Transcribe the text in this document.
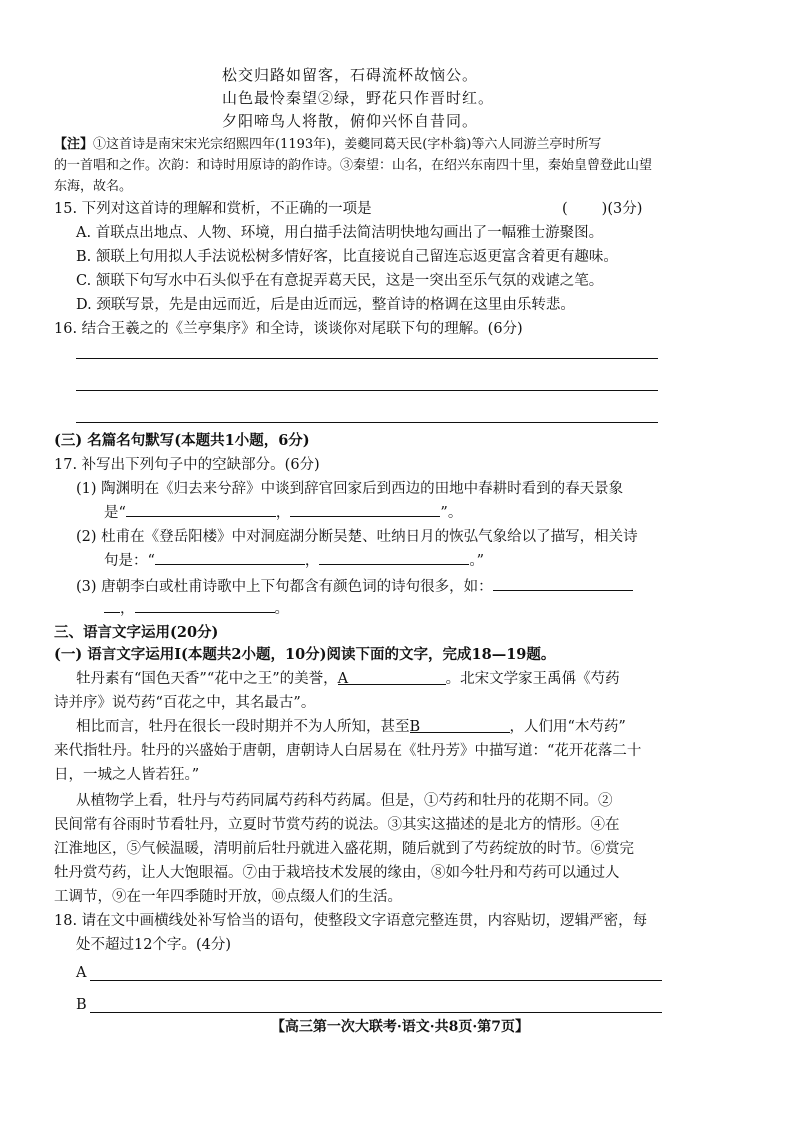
松交归路如留客，石碍流杯故恼公。
山色最怜秦望②绿，野花只作晋时红。
夕阳啼鸟人将散，俯仰兴怀自昔同。
【注】①这首诗是南宋宋光宗绍熙四年(1193年)，姜夔同葛天民(字朴翁)等六人同游兰亭时所写
的一首唱和之作。次韵：和诗时用原诗的韵作诗。③秦望：山名，在绍兴东南四十里，秦始皇曾登此山望
东海，故名。
15. 下列对这首诗的理解和赏析，不正确的一项是	( )(3分)
A. 首联点出地点、人物、环境，用白描手法简洁明快地勾画出了一幅雅士游聚图。
B. 颔联上句用拟人手法说松树多情好客，比直接说自己留连忘返更富含着更有趣味。
C. 颔联下句写水中石头似乎在有意捉弄葛天民，这是一突出至乐气氛的戏谑之笔。
D. 颈联写景，先是由远而近，后是由近而远，整首诗的格调在这里由乐转悲。
16. 结合王羲之的《兰亭集序》和全诗，谈谈你对尾联下句的理解。(6分)
(三) 名篇名句默写(本题共1小题，6分)
17. 补写出下列句子中的空缺部分。(6分)
(1) 陶渊明在《归去来兮辞》中谈到辞官回家后到西边的田地中春耕时看到的春天景象
是“	，	”。
(2) 杜甫在《登岳阳楼》中对洞庭湖分断吴楚、吐纳日月的恢弘气象给以了描写，相关诗
句是：“	，	。”
(3) 唐朝李白或杜甫诗歌中上下句都含有颜色词的诗句很多，如：
，	。
三、语言文字运用(20分)
(一) 语言文字运用Ⅰ(本题共2小题，10分)阅读下面的文字，完成18—19题。
牡丹素有“国色天香”“花中之王”的美誉，A	。北宋文学家王禹偁《芍药
诗并序》说芍药“百花之中，其名最古”。
相比而言，牡丹在很长一段时期并不为人所知，甚至B	，人们用“木芍药”
来代指牡丹。牡丹的兴盛始于唐朝，唐朝诗人白居易在《牡丹芳》中描写道：“花开花落二十
日，一城之人皆若狂。”
从植物学上看，牡丹与芍药同属芍药科芍药属。但是，①芍药和牡丹的花期不同。②
民间常有谷雨时节看牡丹，立夏时节赏芍药的说法。③其实这描述的是北方的情形。④在
江淮地区，⑤气候温暖，清明前后牡丹就进入盛花期，随后就到了芍药绽放的时节。⑥赏完
牡丹赏芍药，让人大饱眼福。⑦由于栽培技术发展的缘由，⑧如今牡丹和芍药可以通过人
工调节，⑨在一年四季随时开放，⑩点缀人们的生活。
18. 请在文中画横线处补写恰当的语句，使整段文字语意完整连贯，内容贴切，逻辑严密，每
处不超过12个字。(4分)
A
B
【高三第一次大联考·语文·共8页·第7页】
